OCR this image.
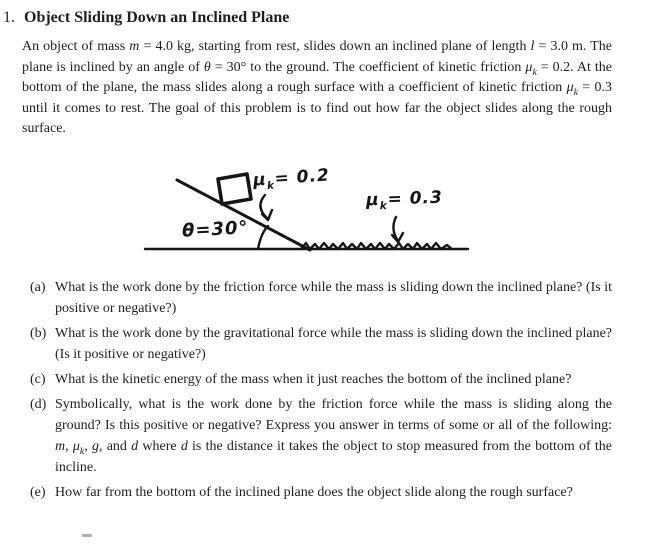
1. Object Sliding Down an Inclined Plane
An object of mass m = 4.0 kg, starting from rest, slides down an inclined plane of length l = 3.0 m. The plane is inclined by an angle of θ = 30° to the ground. The coefficient of kinetic friction $\mu_k = 0.2$. At the bottom of the plane, the mass slides along a rough surface with a coefficient of kinetic friction $\mu_k = 0.3$ until it comes to rest. The goal of this problem is to find out how far the object slides along the rough surface.
θ=30°
$\mu_k= 0.2$
$\mu_k= 0.3$
(a) What is the work done by the friction force while the mass is sliding down the inclined plane? (Is it positive or negative?)
(b) What is the work done by the gravitational force while the mass is sliding down the inclined plane? (Is it positive or negative?)
(c) What is the kinetic energy of the mass when it just reaches the bottom of the inclined plane?
(d) Symbolically, what is the work done by the friction force while the mass is sliding along the ground? Is this positive or negative? Express you answer in terms of some or all of the following: m, $\mu_k$, g, and d where d is the distance it takes the object to stop measured from the bottom of the incline.
(e) How far from the bottom of the inclined plane does the object slide along the rough surface?
